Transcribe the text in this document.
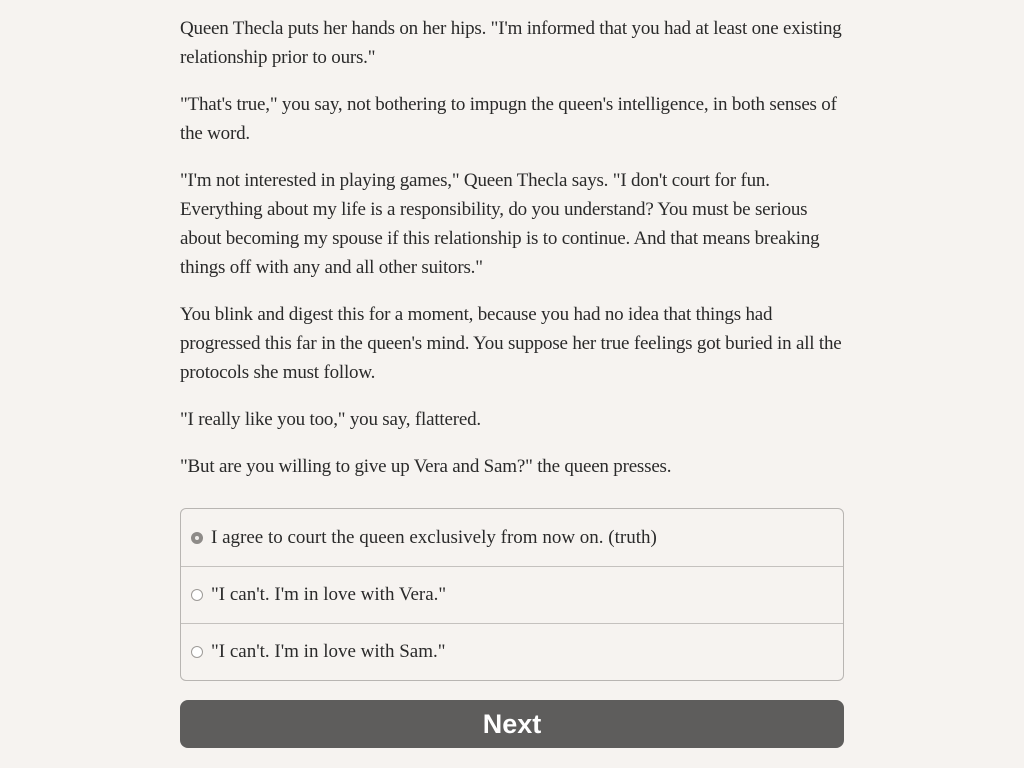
Queen Thecla puts her hands on her hips. "I'm informed that you had at least one existing relationship prior to ours."

"That's true," you say, not bothering to impugn the queen's intelligence, in both senses of the word.

"I'm not interested in playing games," Queen Thecla says. "I don't court for fun. Everything about my life is a responsibility, do you understand? You must be serious about becoming my spouse if this relationship is to continue. And that means breaking things off with any and all other suitors."

You blink and digest this for a moment, because you had no idea that things had progressed this far in the queen's mind. You suppose her true feelings got buried in all the protocols she must follow.

"I really like you too," you say, flattered.

"But are you willing to give up Vera and Sam?" the queen presses.

I agree to court the queen exclusively from now on. (truth)
"I can't. I'm in love with Vera."
"I can't. I'm in love with Sam."
Next
